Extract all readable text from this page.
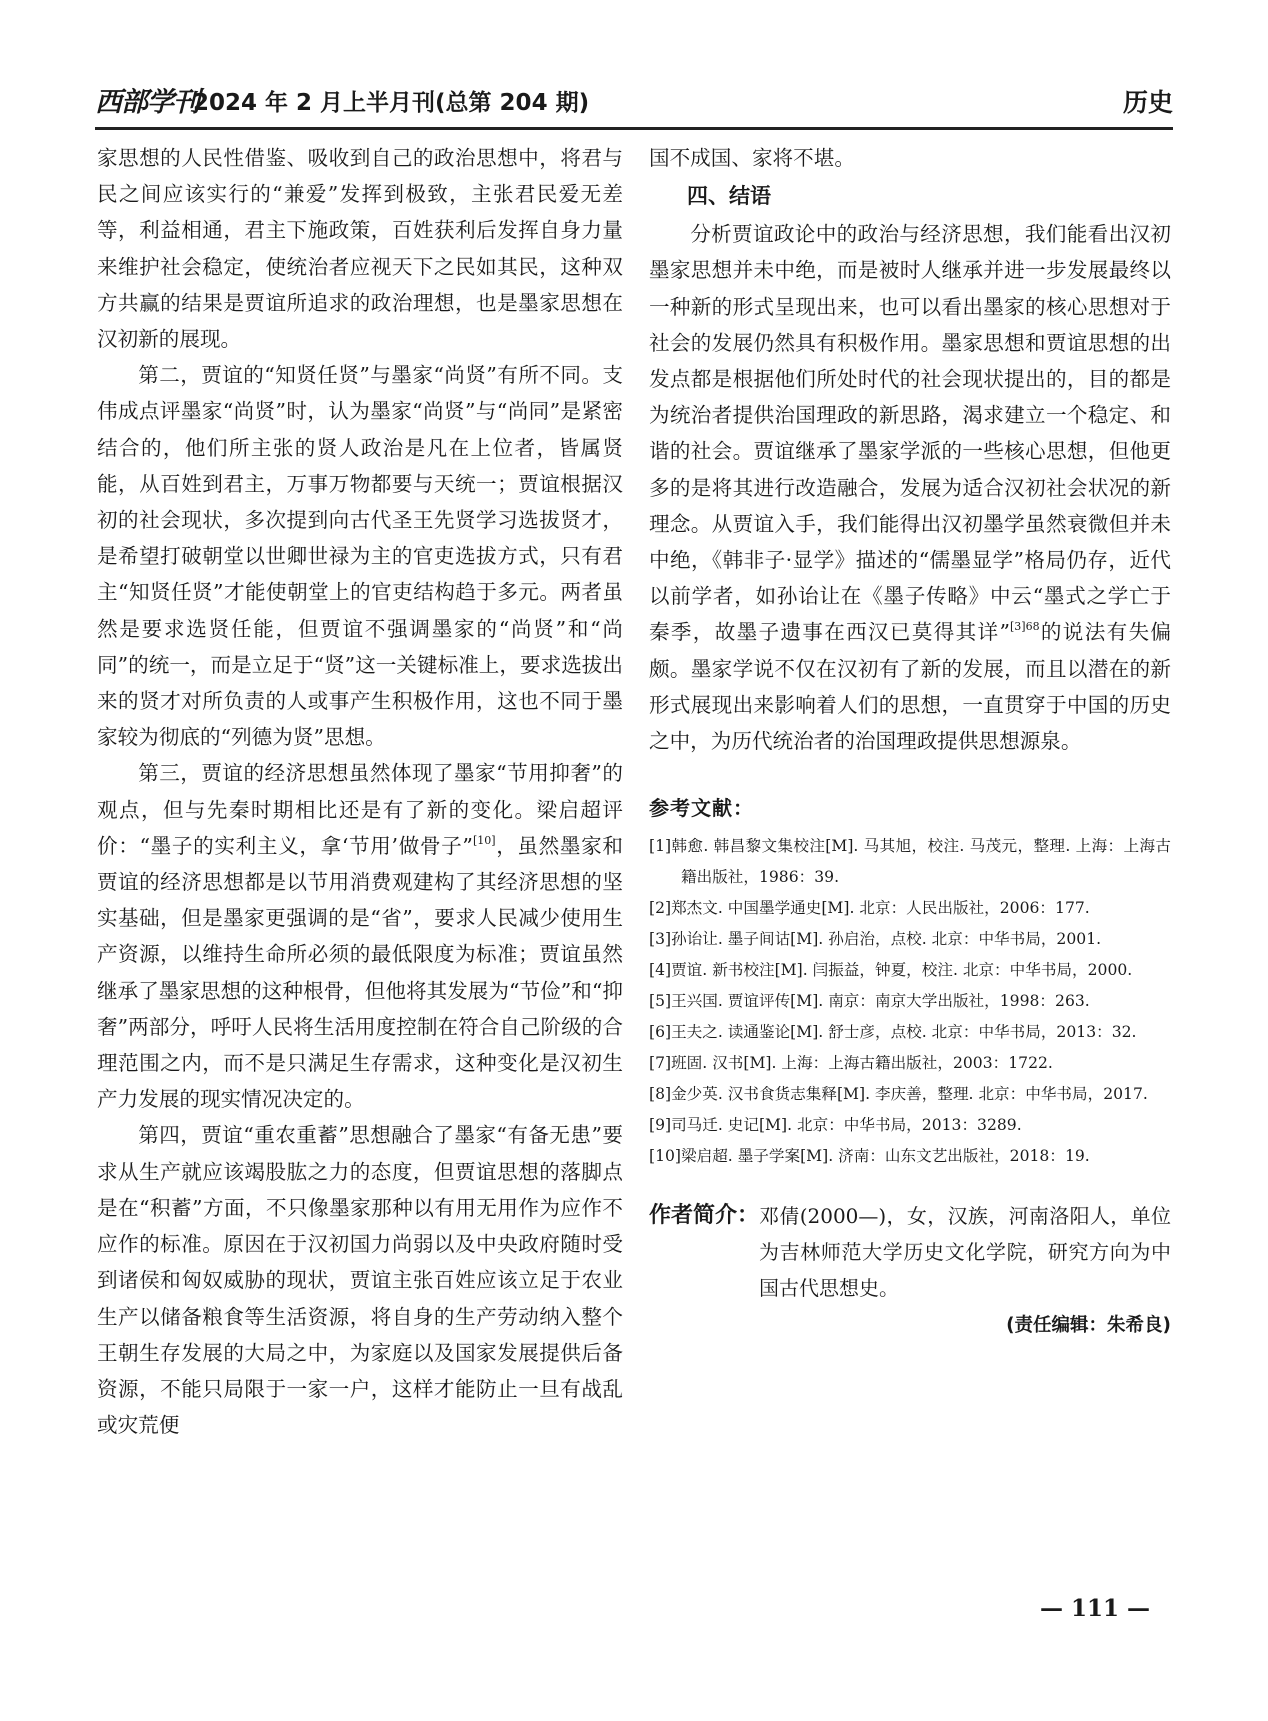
西部学刊
2024 年 2 月上半月刊(总第 204 期)	历史

家思想的人民性借鉴、吸收到自己的政治思想中，将君与民之间应该实行的“兼爱”发挥到极致，主张君民爱无差等，利益相通，君主下施政策，百姓获利后发挥自身力量来维护社会稳定，使统治者应视天下之民如其民，这种双方共赢的结果是贾谊所追求的政治理想，也是墨家思想在汉初新的展现。

第二，贾谊的“知贤任贤”与墨家“尚贤”有所不同。支伟成点评墨家“尚贤”时，认为墨家“尚贤”与“尚同”是紧密结合的，他们所主张的贤人政治是凡在上位者，皆属贤能，从百姓到君主，万事万物都要与天统一；贾谊根据汉初的社会现状，多次提到向古代圣王先贤学习选拔贤才，是希望打破朝堂以世卿世禄为主的官吏选拔方式，只有君主“知贤任贤”才能使朝堂上的官吏结构趋于多元。两者虽然是要求选贤任能，但贾谊不强调墨家的“尚贤”和“尚同”的统一，而是立足于“贤”这一关键标准上，要求选拔出来的贤才对所负责的人或事产生积极作用，这也不同于墨家较为彻底的“列德为贤”思想。

第三，贾谊的经济思想虽然体现了墨家“节用抑奢”的观点，但与先秦时期相比还是有了新的变化。梁启超评价：“墨子的实利主义，拿‘节用’做骨子”[10]，虽然墨家和贾谊的经济思想都是以节用消费观建构了其经济思想的坚实基础，但是墨家更强调的是“省”，要求人民减少使用生产资源，以维持生命所必须的最低限度为标准；贾谊虽然继承了墨家思想的这种根骨，但他将其发展为“节俭”和“抑奢”两部分，呼吁人民将生活用度控制在符合自己阶级的合理范围之内，而不是只满足生存需求，这种变化是汉初生产力发展的现实情况决定的。

第四，贾谊“重农重蓄”思想融合了墨家“有备无患”要求从生产就应该竭股肱之力的态度，但贾谊思想的落脚点是在“积蓄”方面，不只像墨家那种以有用无用作为应作不应作的标准。原因在于汉初国力尚弱以及中央政府随时受到诸侯和匈奴威胁的现状，贾谊主张百姓应该立足于农业生产以储备粮食等生活资源，将自身的生产劳动纳入整个王朝生存发展的大局之中，为家庭以及国家发展提供后备资源，不能只局限于一家一户，这样才能防止一旦有战乱或灾荒便

国不成国、家将不堪。

四、结语

分析贾谊政论中的政治与经济思想，我们能看出汉初墨家思想并未中绝，而是被时人继承并进一步发展最终以一种新的形式呈现出来，也可以看出墨家的核心思想对于社会的发展仍然具有积极作用。墨家思想和贾谊思想的出发点都是根据他们所处时代的社会现状提出的，目的都是为统治者提供治国理政的新思路，渴求建立一个稳定、和谐的社会。贾谊继承了墨家学派的一些核心思想，但他更多的是将其进行改造融合，发展为适合汉初社会状况的新理念。从贾谊入手，我们能得出汉初墨学虽然衰微但并未中绝，《韩非子·显学》描述的“儒墨显学”格局仍存，近代以前学者，如孙诒让在《墨子传略》中云“墨式之学亡于秦季，故墨子遗事在西汉已莫得其详”$^{[3]68}$的说法有失偏颇。墨家学说不仅在汉初有了新的发展，而且以潜在的新形式展现出来影响着人们的思想，一直贯穿于中国的历史之中，为历代统治者的治国理政提供思想源泉。

参考文献：
[1]韩愈. 韩昌黎文集校注[M]. 马其旭，校注. 马茂元，整理. 上海：上海古籍出版社，1986：39.
[2]郑杰文. 中国墨学通史[M]. 北京：人民出版社，2006：177.
[3]孙诒让. 墨子间诂[M]. 孙启治，点校. 北京：中华书局，2001.
[4]贾谊. 新书校注[M]. 闫振益，钟夏，校注. 北京：中华书局，2000.
[5]王兴国. 贾谊评传[M]. 南京：南京大学出版社，1998：263.
[6]王夫之. 读通鉴论[M]. 舒士彦，点校. 北京：中华书局，2013：32.
[7]班固. 汉书[M]. 上海：上海古籍出版社，2003：1722.
[8]金少英. 汉书食货志集释[M]. 李庆善，整理. 北京：中华书局，2017.
[9]司马迁. 史记[M]. 北京：中华书局，2013：3289.
[10]梁启超. 墨子学案[M]. 济南：山东文艺出版社，2018：19.
作者简介： 邓倩(2000—)，女，汉族，河南洛阳人，单位为吉林师范大学历史文化学院，研究方向为中国古代思想史。
(责任编辑：朱希良)
— 111 —
